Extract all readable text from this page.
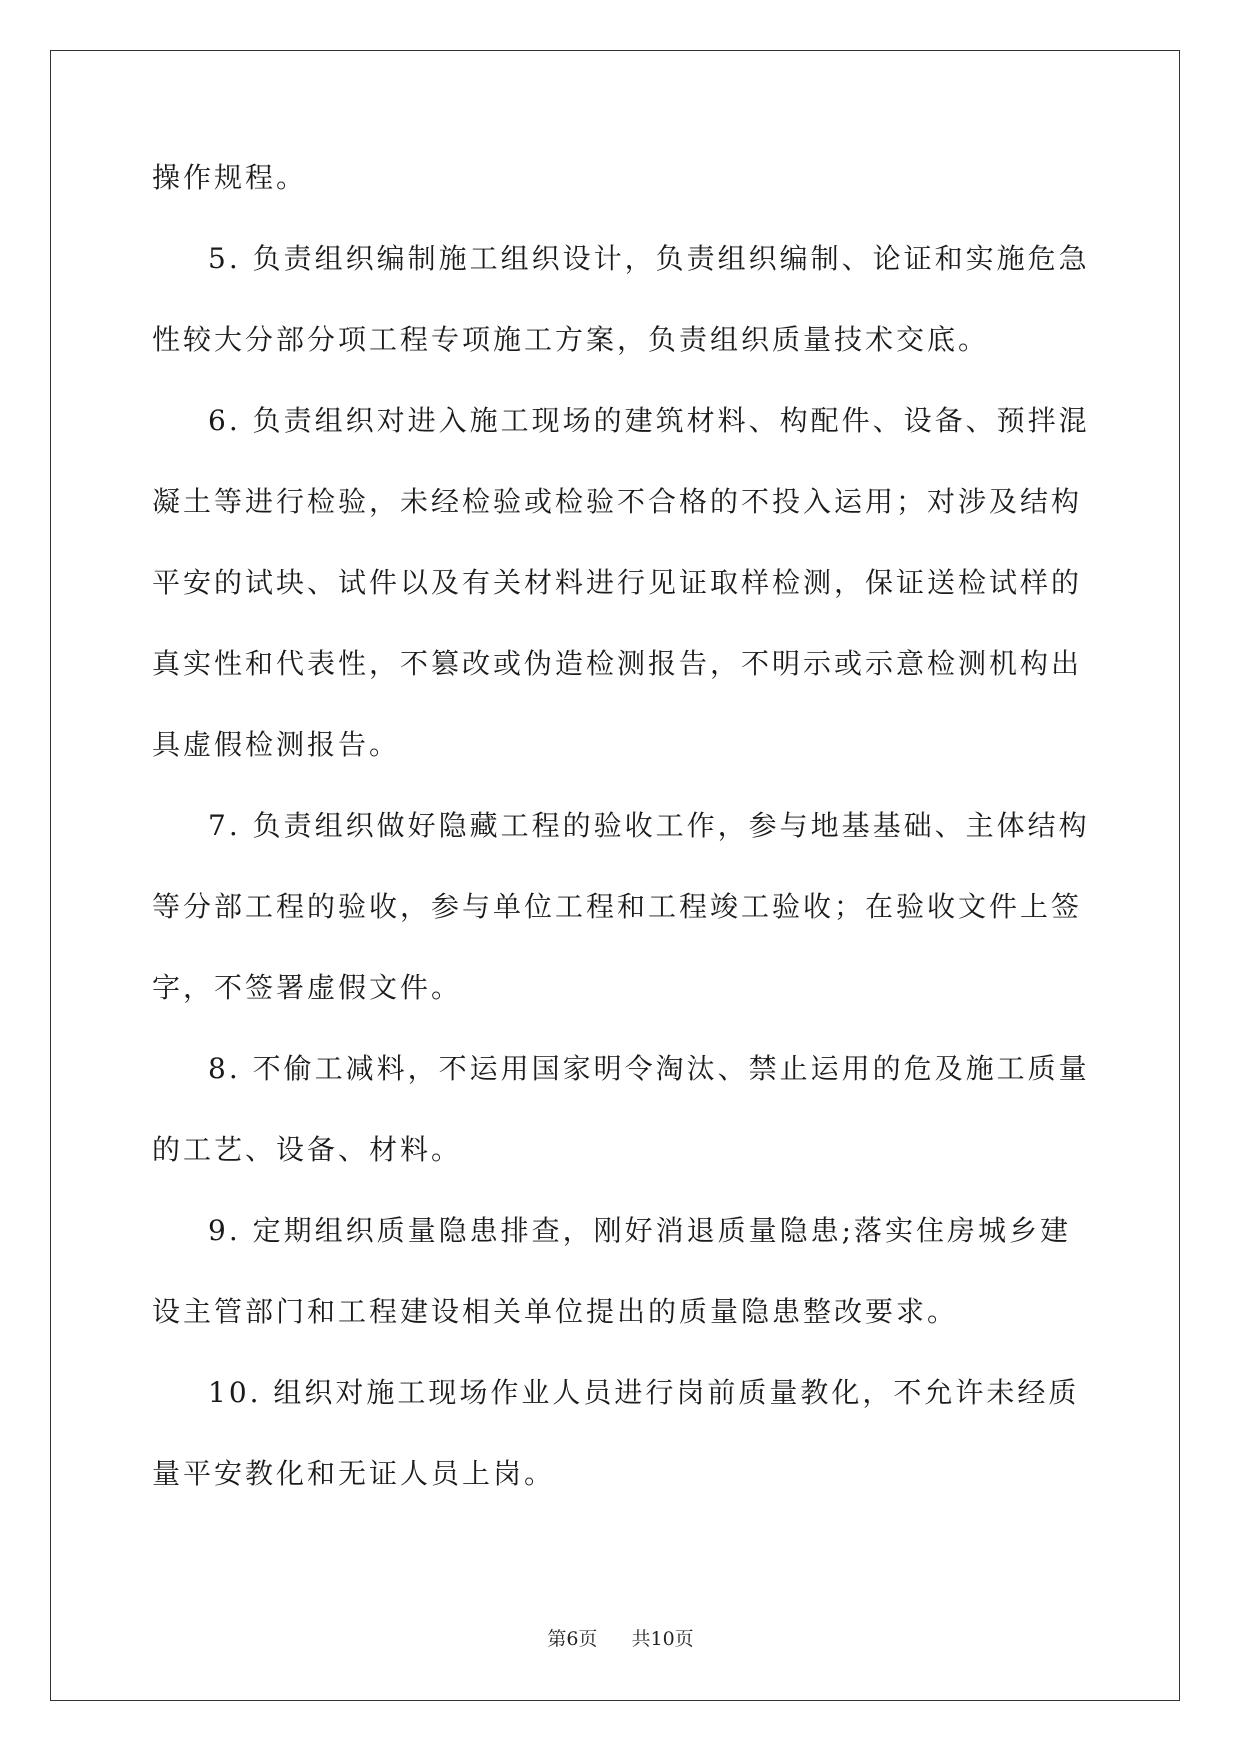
操作规程。
5. 负责组织编制施工组织设计，负责组织编制、论证和实施危急
性较大分部分项工程专项施工方案，负责组织质量技术交底。
6. 负责组织对进入施工现场的建筑材料、构配件、设备、预拌混
凝土等进行检验，未经检验或检验不合格的不投入运用；对涉及结构
平安的试块、试件以及有关材料进行见证取样检测，保证送检试样的
真实性和代表性，不篡改或伪造检测报告，不明示或示意检测机构出
具虚假检测报告。
7. 负责组织做好隐藏工程的验收工作，参与地基基础、主体结构
等分部工程的验收，参与单位工程和工程竣工验收；在验收文件上签
字，不签署虚假文件。
8. 不偷工减料，不运用国家明令淘汰、禁止运用的危及施工质量
的工艺、设备、材料。
9. 定期组织质量隐患排查，刚好消退质量隐患;落实住房城乡建
设主管部门和工程建设相关单位提出的质量隐患整改要求。
10. 组织对施工现场作业人员进行岗前质量教化，不允许未经质
量平安教化和无证人员上岗。
第6页 共10页
